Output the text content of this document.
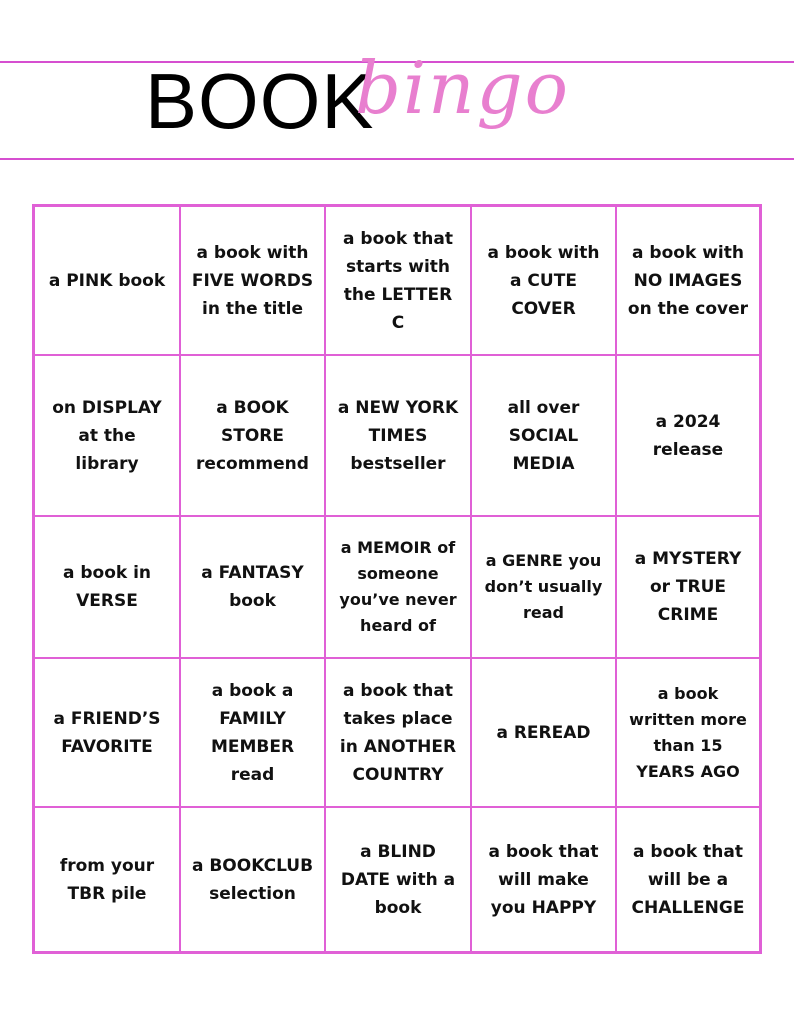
BOOK
bingo
a PINK book
a book with FIVE WORDS in the title
a book that starts with the LETTER C
a book with a CUTE COVER
a book with NO IMAGES on the cover
on DISPLAY at the library
a BOOK STORE recommend
a NEW YORK TIMES bestseller
all over SOCIAL MEDIA
a 2024 release
a book in VERSE
a FANTASY book
a MEMOIR of someone you’ve never heard of
a GENRE you don’t usually read
a MYSTERY or TRUE CRIME
a FRIEND’S FAVORITE
a book a FAMILY MEMBER read
a book that takes place in ANOTHER COUNTRY
a REREAD
a book written more than 15 YEARS AGO
from your TBR pile
a BOOKCLUB selection
a BLIND DATE with a book
a book that will make you HAPPY
a book that will be a CHALLENGE
